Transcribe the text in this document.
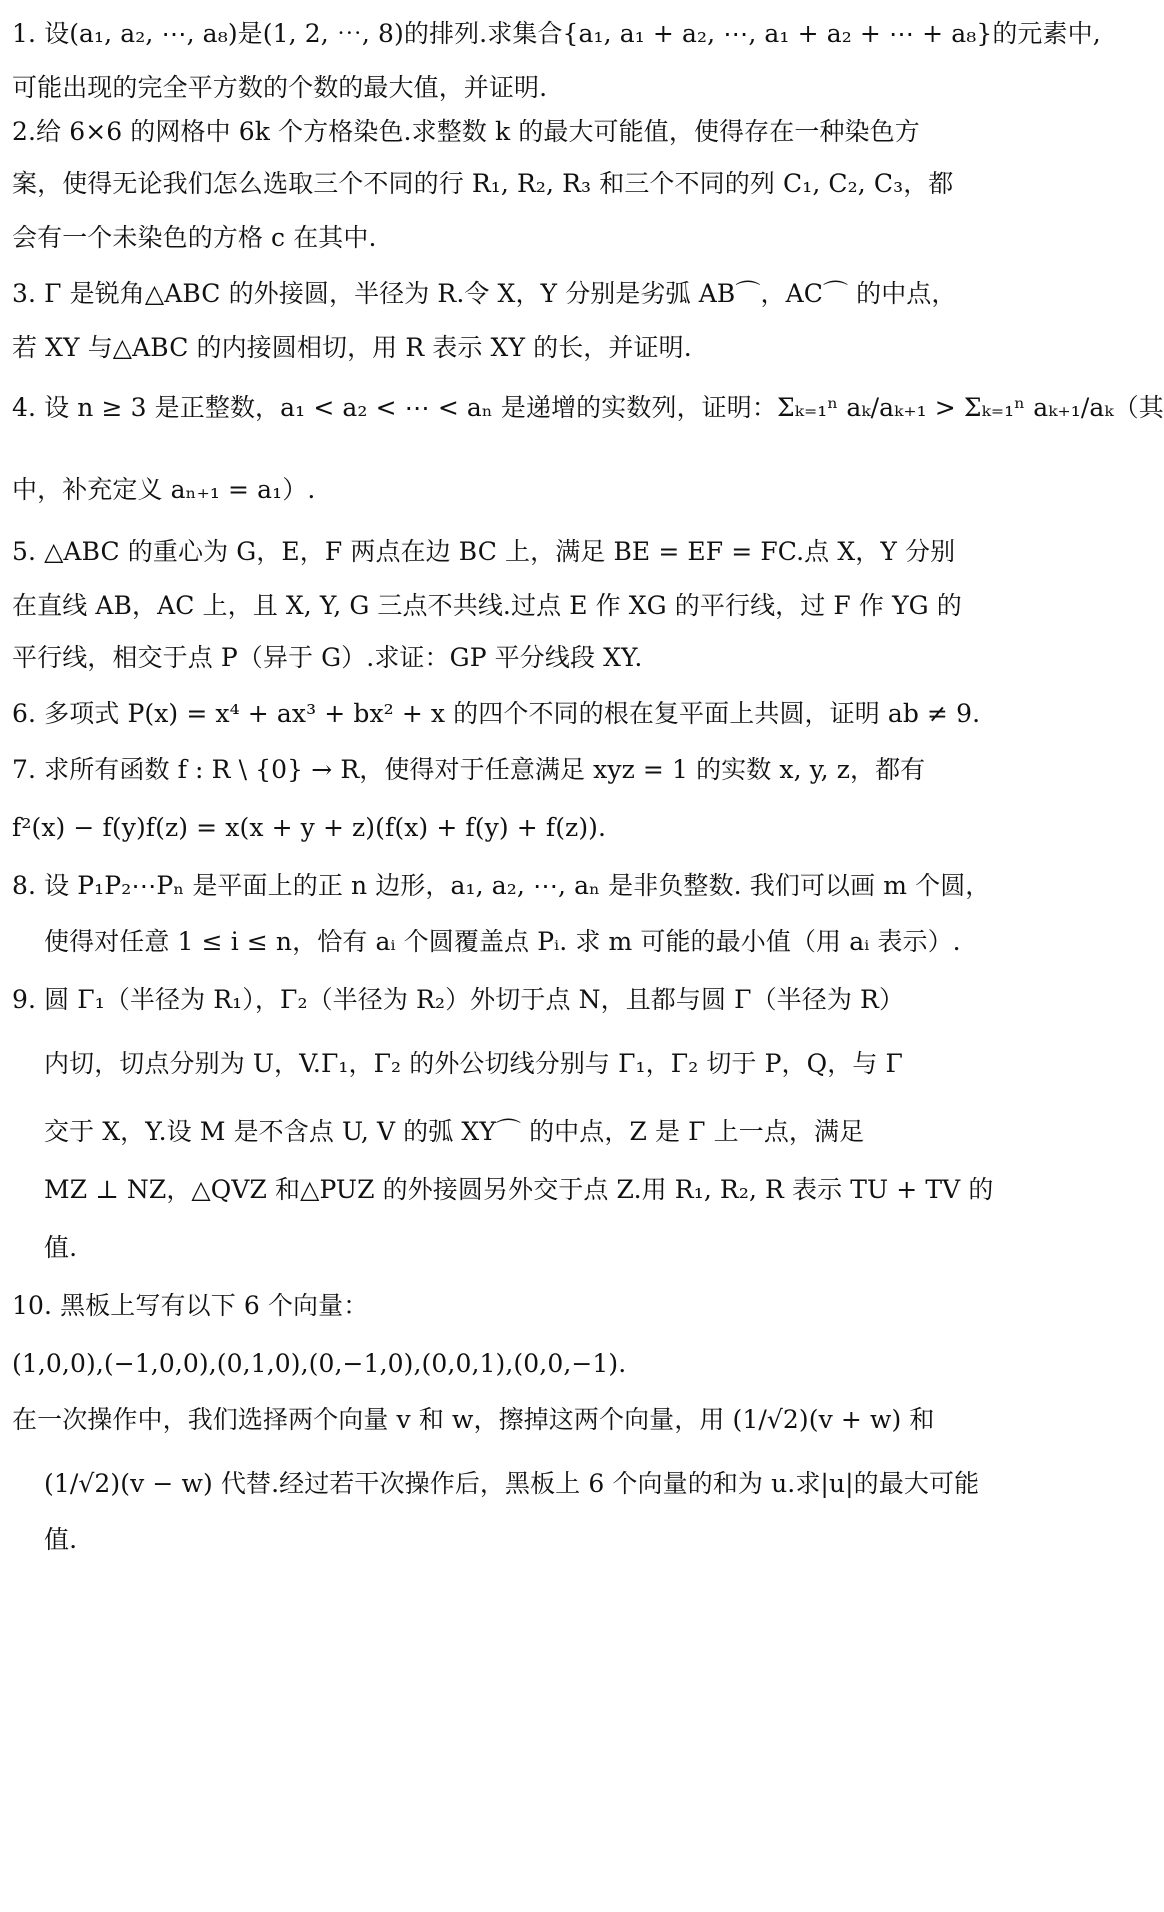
1. 设(a₁, a₂, ⋯, a₈)是(1, 2, ⋯, 8)的排列.求集合{a₁, a₁ + a₂, ⋯, a₁ + a₂ + ⋯ + a₈}的元素中,
可能出现的完全平方数的个数的最大值，并证明.
2.给 6×6 的网格中 6k 个方格染色.求整数 k 的最大可能值，使得存在一种染色方
案，使得无论我们怎么选取三个不同的行 R₁, R₂, R₃ 和三个不同的列 C₁, C₂, C₃，都
会有一个未染色的方格 c 在其中.
3. Γ 是锐角△ABC 的外接圆，半径为 R.令 X，Y 分别是劣弧 AB⌒，AC⌒ 的中点，
若 XY 与△ABC 的内接圆相切，用 R 表示 XY 的长，并证明.
4. 设 n ≥ 3 是正整数，a₁ < a₂ < ⋯ < aₙ 是递增的实数列，证明：Σₖ₌₁ⁿ aₖ/aₖ₊₁ > Σₖ₌₁ⁿ aₖ₊₁/aₖ（其
中，补充定义 aₙ₊₁ = a₁）.
5. △ABC 的重心为 G，E，F 两点在边 BC 上，满足 BE = EF = FC.点 X，Y 分别
在直线 AB，AC 上，且 X, Y, G 三点不共线.过点 E 作 XG 的平行线，过 F 作 YG 的
平行线，相交于点 P（异于 G）.求证：GP 平分线段 XY.
6. 多项式 P(x) = x⁴ + ax³ + bx² + x 的四个不同的根在复平面上共圆，证明 ab ≠ 9.
7. 求所有函数 f : R \ {0} → R，使得对于任意满足 xyz = 1 的实数 x, y, z，都有
f²(x) − f(y)f(z) = x(x + y + z)(f(x) + f(y) + f(z)).
8. 设 P₁P₂⋯Pₙ 是平面上的正 n 边形，a₁, a₂, ⋯, aₙ 是非负整数. 我们可以画 m 个圆，
使得对任意 1 ≤ i ≤ n，恰有 aᵢ 个圆覆盖点 Pᵢ. 求 m 可能的最小值（用 aᵢ 表示）.
9. 圆 Γ₁（半径为 R₁），Γ₂（半径为 R₂）外切于点 N，且都与圆 Γ（半径为 R）
内切，切点分别为 U，V.Γ₁，Γ₂ 的外公切线分别与 Γ₁，Γ₂ 切于 P，Q，与 Γ
交于 X，Y.设 M 是不含点 U, V 的弧 XY⌒ 的中点，Z 是 Γ 上一点，满足
MZ ⊥ NZ，△QVZ 和△PUZ 的外接圆另外交于点 Z.用 R₁, R₂, R 表示 TU + TV 的
值.
10. 黑板上写有以下 6 个向量：
(1,0,0),(−1,0,0),(0,1,0),(0,−1,0),(0,0,1),(0,0,−1).
在一次操作中，我们选择两个向量 v 和 w，擦掉这两个向量，用 (1/√2)(v + w) 和
(1/√2)(v − w) 代替.经过若干次操作后，黑板上 6 个向量的和为 u.求|u|的最大可能
值.
